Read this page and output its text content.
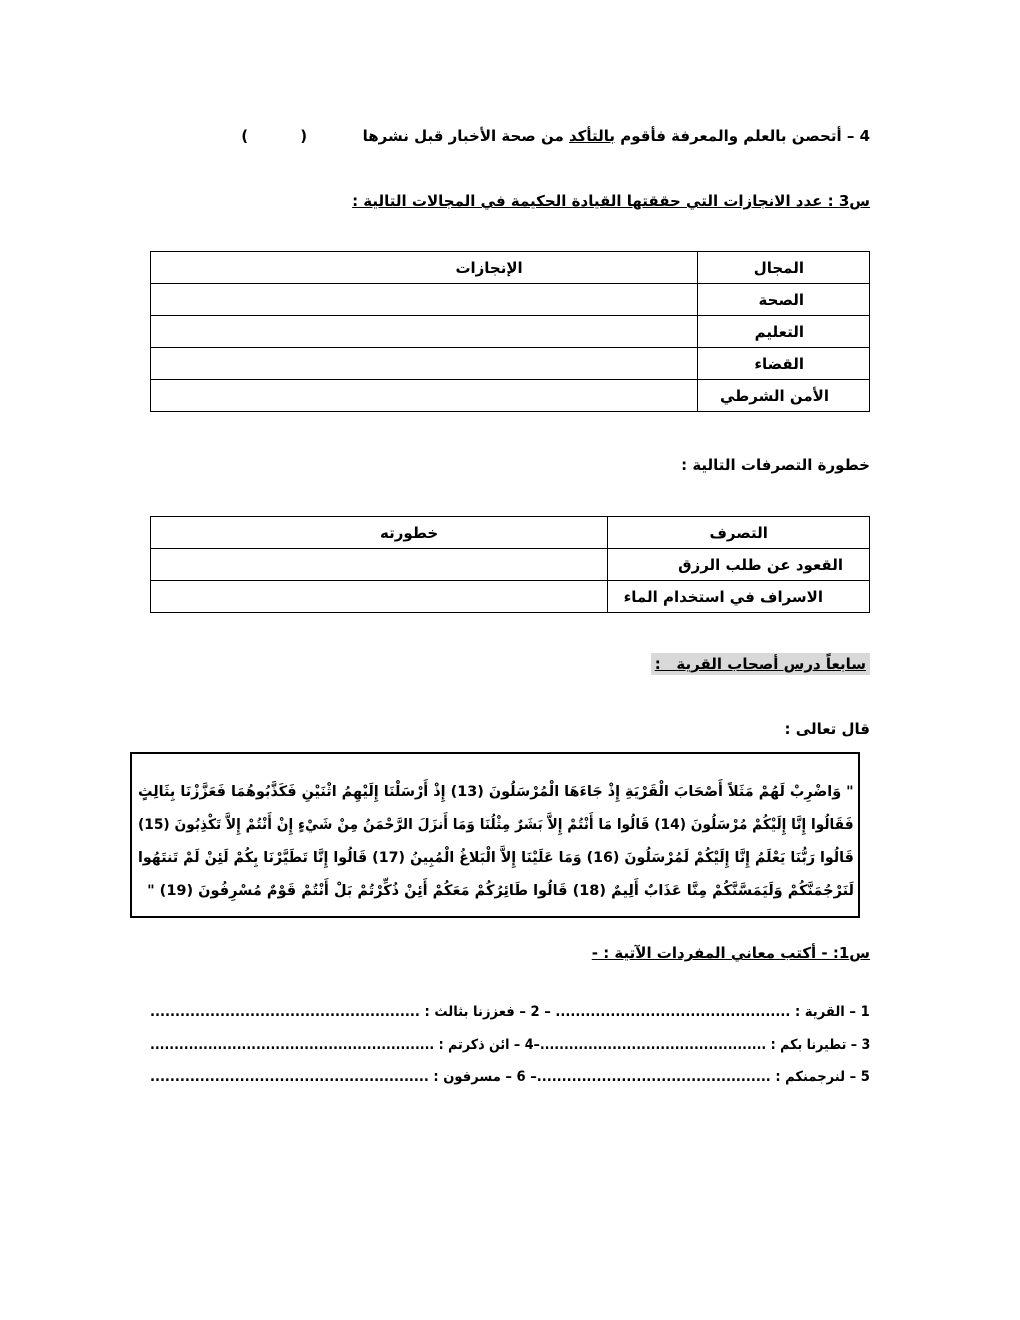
4 – أتحصن بالعلم والمعرفة فأقوم بالتأكد من صحة الأخبار قبل نشرها  (          )
س3 : عدد الانجازات التي حققتها القيادة الحكيمة في المجالات التالية :
المجال	الإنجازات
الصحة	
التعليم	
القضاء	
الأمن الشرطي	
خطورة التصرفات التالية :
التصرف	خطورته
القعود عن طلب الرزق	
الاسراف في استخدام الماء	
سابعاً درس أصحاب القرية   :
قال تعالى :
" وَاضْرِبْ لَهُمْ مَثَلاً أَصْحَابَ الْقَرْيَةِ إِذْ جَاءَهَا الْمُرْسَلُونَ (13) إِذْ أَرْسَلْنَا إِلَيْهِمُ اثْنَيْنِ فَكَذَّبُوهُمَا فَعَزَّزْنَا بِثَالِثٍ
فَقَالُوا إِنَّا إِلَيْكُمْ مُرْسَلُونَ (14) قَالُوا مَا أَنْتُمْ إِلاَّ بَشَرٌ مِثْلُنَا وَمَا أَنزَلَ الرَّحْمَنُ مِنْ شَيْءٍ إِنْ أَنْتُمْ إِلاَّ تَكْذِبُونَ (15)
قَالُوا رَبُّنَا يَعْلَمُ إِنَّا إِلَيْكُمْ لَمُرْسَلُونَ (16) وَمَا عَلَيْنَا إِلاَّ الْبَلاغُ الْمُبِينُ (17) قَالُوا إِنَّا تَطَيَّرْنَا بِكُمْ لَئِنْ لَمْ تَنتَهُوا
لَنَرْجُمَنَّكُمْ وَلَيَمَسَّنَّكُمْ مِنَّا عَذَابٌ أَلِيمٌ (18) قَالُوا طَائِرُكُمْ مَعَكُمْ أَئِنْ ذُكِّرْتُمْ بَلْ أَنْتُمْ قَوْمٌ مُسْرِفُونَ (19) "
س1: - أكتب معاني المفردات الآتية : -
1 – القرية : ............................................... – 2 – فعززنا بثالث : ......................................................
3 – تطيرنا بكم : ...............................................–4 – ائن ذكرتم : ...........................................................
5 – لنرجمنكم : ...............................................– 6 – مسرفون : ........................................................
